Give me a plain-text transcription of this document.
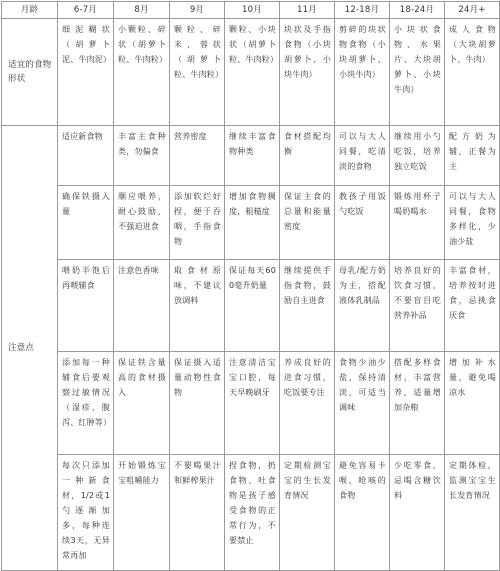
月龄	6-7月	8月	9月	10月	11月	12-18月	18-24月	24月+
适宜的食物形状	细泥糊状（胡萝卜泥、牛肉泥）	小颗粒、碎状（胡萝卜粒、牛肉粒）	颗粒、碎末、蓉状（胡萝卜粒、牛肉粒）	颗粒、小块状（胡萝卜粒、牛肉粒）	块状及手指食物（小块胡萝卜、小块牛肉）	剪碎的块状物食物（小块胡萝卜、小块牛肉）	小块状食物、水果片、大块胡萝卜、小块牛肉）	成人食物（大块胡萝卜、牛肉）
注意点	适应新食物	丰富主食种类，勿偏食	营养密度	继续丰富食物种类	食材搭配均衡	可以与大人同餐，吃清淡的食物	继续用小勺吃饭，培养独立吃饭	配方奶为辅，正餐为主
	确保铁摄入量	顺应喂养，耐心鼓励，不强迫进食	添加软烂好捏，便于吞咽，手指食物	增加食物稠度，粗糙度	保证主食的总量和能量密度	教孩子用饭勺吃饭	锻炼用杯子喝奶喝水	可以与大人同餐，食物多样化，少油少盐
	喂奶半饱后再喂辅食	注意色香味	取食材原味，不建议放调料	保证每天600毫升奶量	继续提供手指食物，鼓励自主进食	母乳/配方奶为主，搭配液体乳制品	培养良好的饮食习惯，不要盲目吃营养补品	丰富食材，培养按时进食，忌挑食厌食
	添加每一种辅食后要观察过敏情况（湿疹、腹泻、红肿等）	保证铁含量高的食材摄入	保证摄入适量动物性食物	注意清洁宝宝口腔，每天早晚刷牙	养成良好的进食习惯，吃饭要专注	食物少油少盐，保持清淡，可适当调味	搭配多样食材，丰富营养，适量增加杂粮	增加补水量，避免喝凉水
	每次只添加一种新食材，1/2或1勺逐渐加多，每种连续3天，无异常再加	开始锻炼宝宝咀嚼能力	不要喝果汁和鲜榨果汁	捏食物，扔食物、吐食物是孩子感受食物的正常行为，不要禁止	定期检测宝宝的生长发育情况	避免容易卡喉，呛咳的食物	少吃零食，忌喝含糖饮料	定期体检，监测宝宝生长发育情况
